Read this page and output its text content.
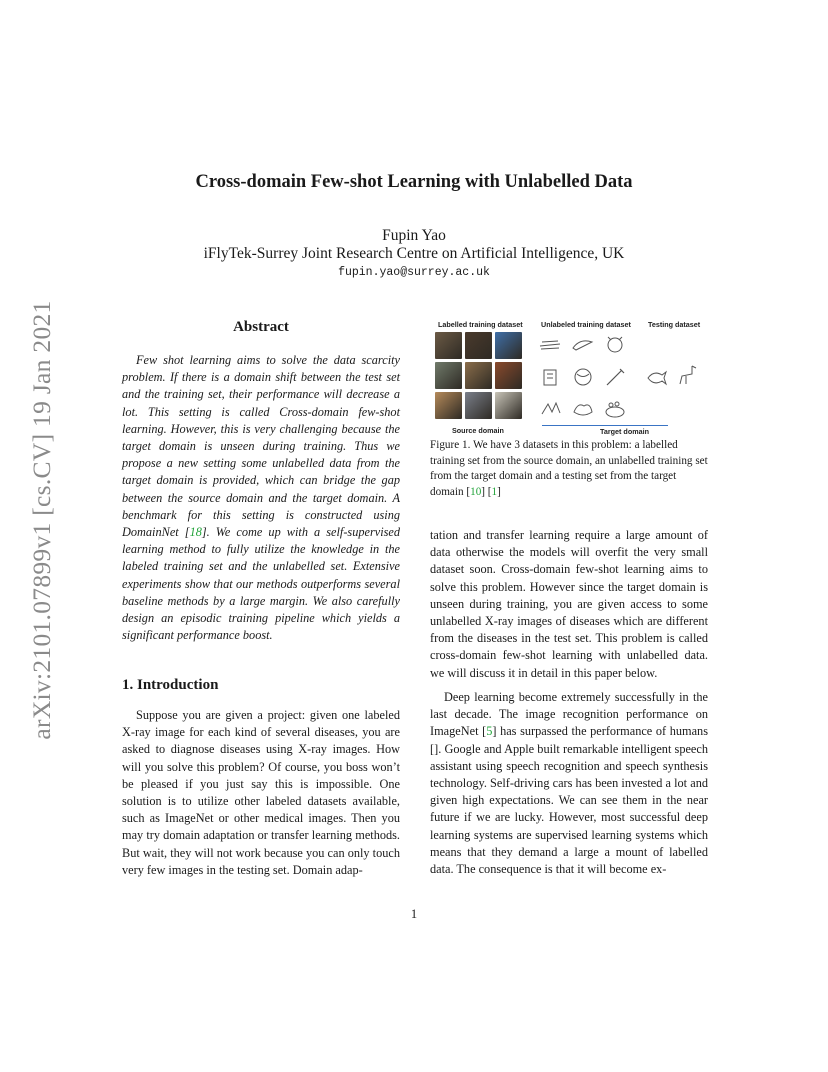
arXiv:2101.07899v1 [cs.CV] 19 Jan 2021
Cross-domain Few-shot Learning with Unlabelled Data
Fupin Yao
iFlyTek-Surrey Joint Research Centre on Artificial Intelligence, UK
fupin.yao@surrey.ac.uk
Abstract

Few shot learning aims to solve the data scarcity problem. If there is a domain shift between the test set and the training set, their performance will decrease a lot. This setting is called Cross-domain few-shot learning. However, this is very challenging because the target domain is unseen during training. Thus we propose a new setting some unlabelled data from the target domain is provided, which can bridge the gap between the source domain and the target domain. A benchmark for this setting is constructed using DomainNet [18]. We come up with a self-supervised learning method to fully utilize the knowledge in the labeled training set and the unlabelled set. Extensive experiments show that our methods outperforms several baseline methods by a large margin. We also carefully design an episodic training pipeline which yields a significant performance boost.

1. Introduction

Suppose you are given a project: given one labeled X-ray image for each kind of several diseases, you are asked to diagnose diseases using X-ray images. How will you solve this problem? Of course, you boss won’t be pleased if you just say this is impossible. One solution is to utilize other labeled datasets available, such as ImageNet or other medical images. Then you may try domain adaptation or transfer learning methods. But wait, they will not work because you can only touch very few images in the testing set. Domain adap-

Labelled training dataset	Unlabeled training dataset Testing dataset
Source domain	Target domain

Figure 1. We have 3 datasets in this problem: a labelled training set from the source domain, an unlabelled training set from the target domain and a testing set from the target domain [10] [1]

tation and transfer learning require a large amount of data otherwise the models will overfit the very small dataset soon. Cross-domain few-shot learning aims to solve this problem. However since the target domain is unseen during training, you are given access to some unlabelled X-ray images of diseases which are different from the diseases in the test set. This problem is called cross-domain few-shot learning with unlabelled data. we will discuss it in detail in this paper below.

Deep learning become extremely successfully in the last decade. The image recognition performance on ImageNet [5] has surpassed the performance of humans []. Google and Apple built remarkable intelligent speech assistant using speech recognition and speech synthesis technology. Self-driving cars has been invested a lot and given high expectations. We can see them in the near future if we are lucky. However, most successful deep learning systems are supervised learning systems which means that they demand a large a mount of labelled data. The consequence is that it will become ex-

1
